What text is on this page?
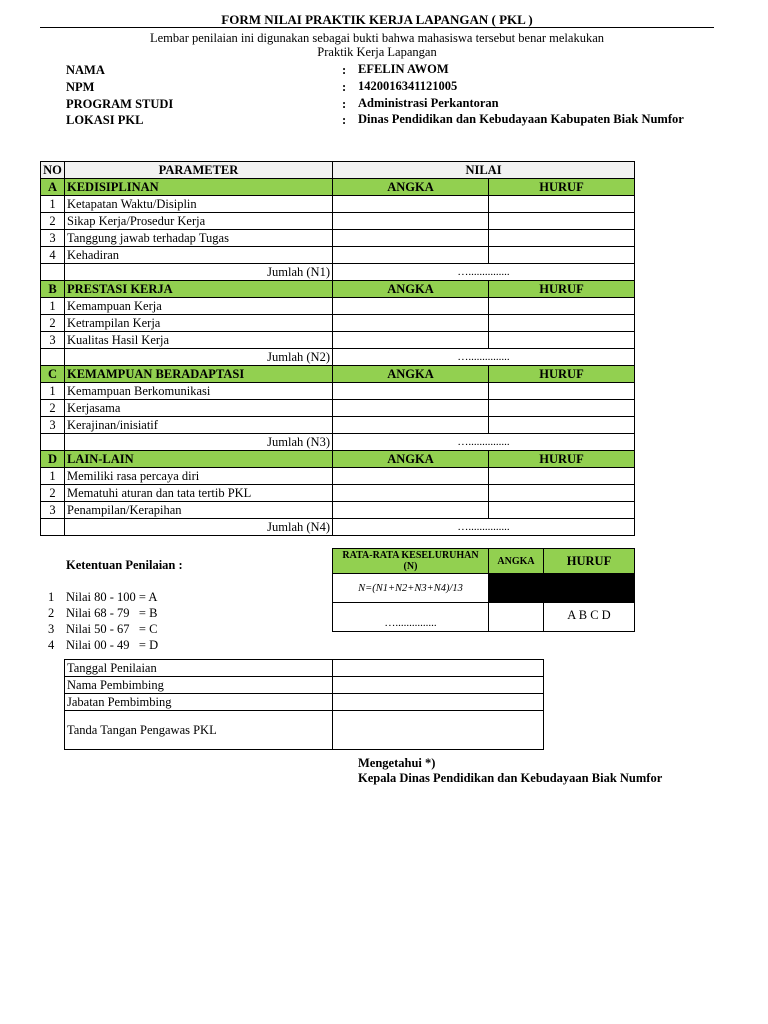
FORM NILAI PRAKTIK KERJA LAPANGAN ( PKL )
Lembar penilaian ini digunakan sebagai bukti bahwa mahasiswa tersebut benar melakukan
Praktik Kerja Lapangan
NAMA	: EFELIN AWOM
NPM	: 1420016341121005
PROGRAM STUDI	: Administrasi Perkantoran
LOKASI PKL	: Dinas Pendidikan dan Kebudayaan Kabupaten Biak Numfor
NO	PARAMETER	NILAI	
A	KEDISIPLINAN	ANGKA	HURUF
1	Ketapatan Waktu/Disiplin		
2	Sikap Kerja/Prosedur Kerja		
3	Tanggung jawab terhadap Tugas		
4	Kehadiran		
	Jumlah (N1)	…...............	
B	PRESTASI KERJA	ANGKA	HURUF
1	Kemampuan Kerja		
2	Ketrampilan Kerja		
3	Kualitas Hasil Kerja		
	Jumlah (N2)	…...............	
C	KEMAMPUAN BERADAPTASI	ANGKA	HURUF
1	Kemampuan Berkomunikasi		
2	Kerjasama		
3	Kerajinan/inisiatif		
	Jumlah (N3)	…...............	
D	LAIN-LAIN	ANGKA	HURUF
1	Memiliki rasa percaya diri		
2	Mematuhi aturan dan tata tertib PKL		
3	Penampilan/Kerapihan		
	Jumlah (N4)	…...............	
Ketentuan Penilaian :
1 Nilai 80 - 100 = A
2 Nilai 68 - 79   = B
3 Nilai 50 - 67   = C
4 Nilai 00 - 49   = D
RATA-RATA KESELURUHAN (N)	ANGKA	HURUF
N=(N1+N2+N3+N4)/13		
…...............		A B C D
Tanggal Penilaian	
Nama Pembimbing	
Jabatan Pembimbing	
Tanda Tangan Pengawas PKL	
Mengetahui *)
Kepala Dinas Pendidikan dan Kebudayaan Biak Numfor
